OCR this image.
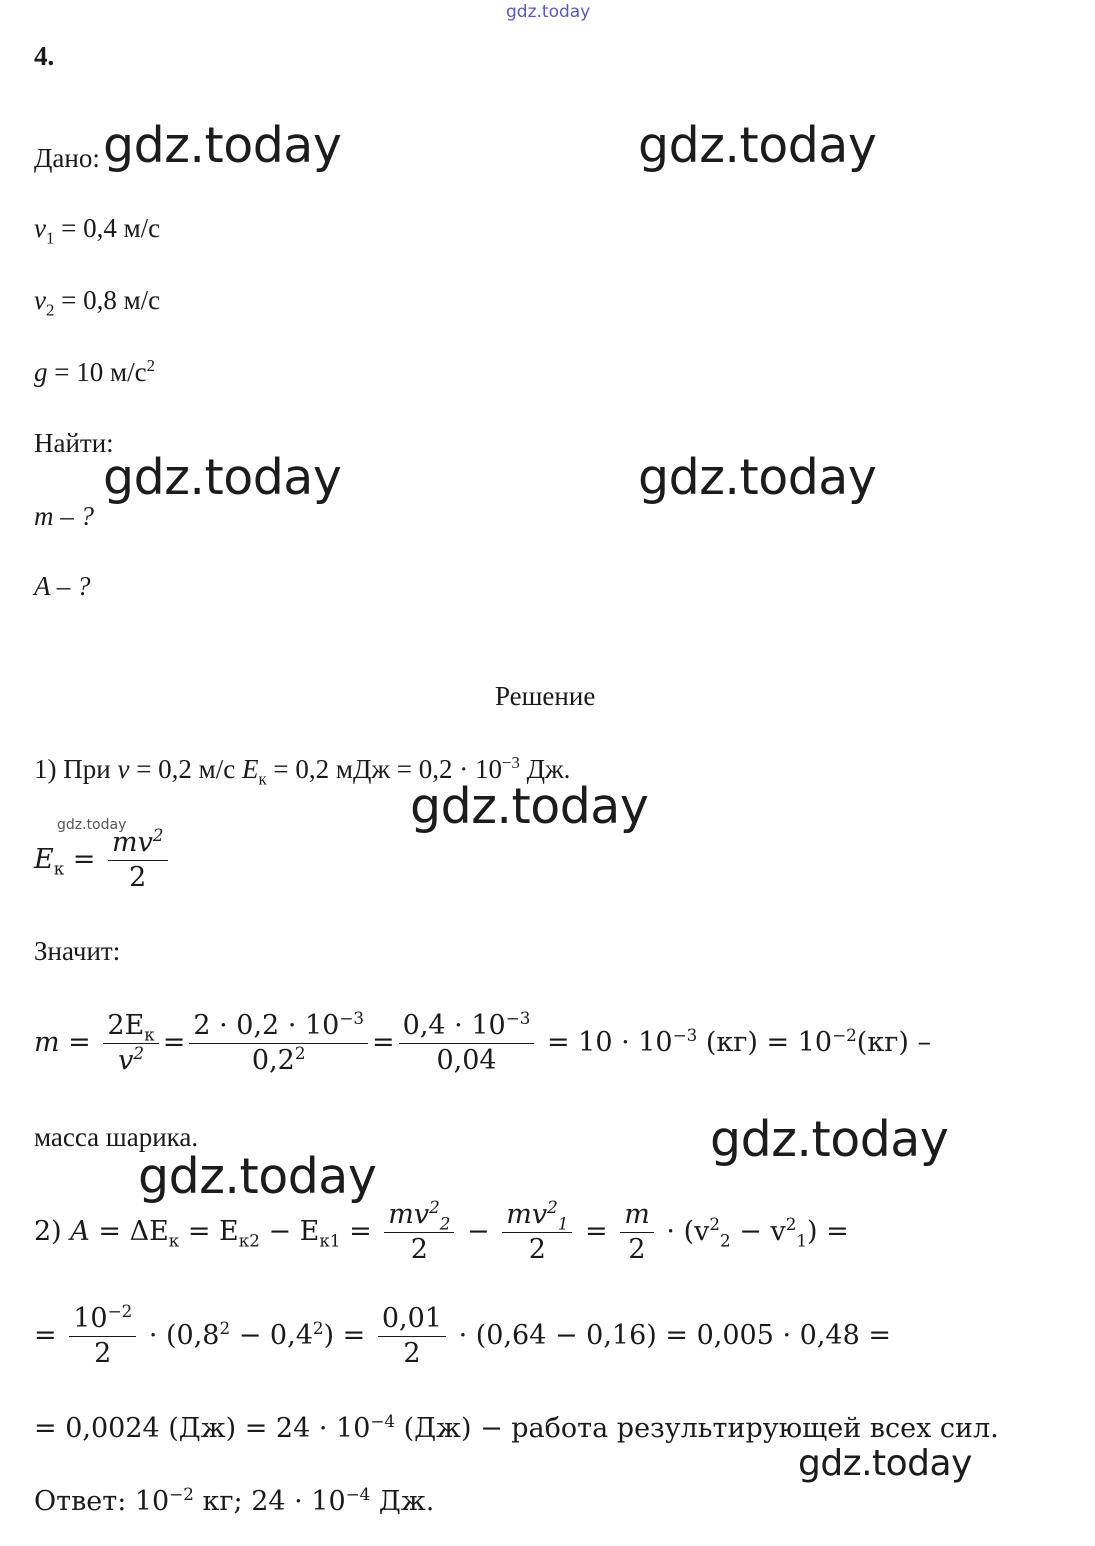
gdz.today
4.
Дано:
$v_1 = 0,4$ м/с
$v_2 = 0,8$ м/с
g = 10 $м/с^2$
Найти:
m – ?
A – ?
Решение
1) При v = 0,2 м/с $E_к = 0,2$ мДж = $0,2 \cdot 10^{-3}$ Дж.
gdz.today
$E_к = \frac{mv^2}{2}$
Значит:
$m = \frac{2E_к}{v^2} = \frac{2 \cdot 0,2 \cdot 10^{-3}}{0,2^2} = \frac{0,4 \cdot 10^{-3}}{0,04} = 10 \cdot 10^{-3}$ $(кг) = 10^{-2}(кг)$ –
масса шарика.
2) $A = \Delta E_к = E_{к2} - E_{к1} = \frac{mv^2_2}{2} - \frac{mv^2_1}{2} = \frac{m}{2} \cdot (v^2_2 - v^2_1)$ =
= $\frac{10^{-2}}{2} \cdot (0,8^2 - 0,4^2) = \frac{0,01}{2} \cdot (0,64 - 0,16) = 0,005 \cdot 0,48$ =
= 0,0024 $(Дж) = 24 \cdot 10^{-4}$ (Дж) − работа результирующей всех сил.
Ответ: $10^{-2}$ кг; $24 \cdot 10^{-4}$ Дж.
gdz.today	gdz.today
gdz.today	gdz.today
gdz.today
gdz.today
gdz.today
gdz.today
